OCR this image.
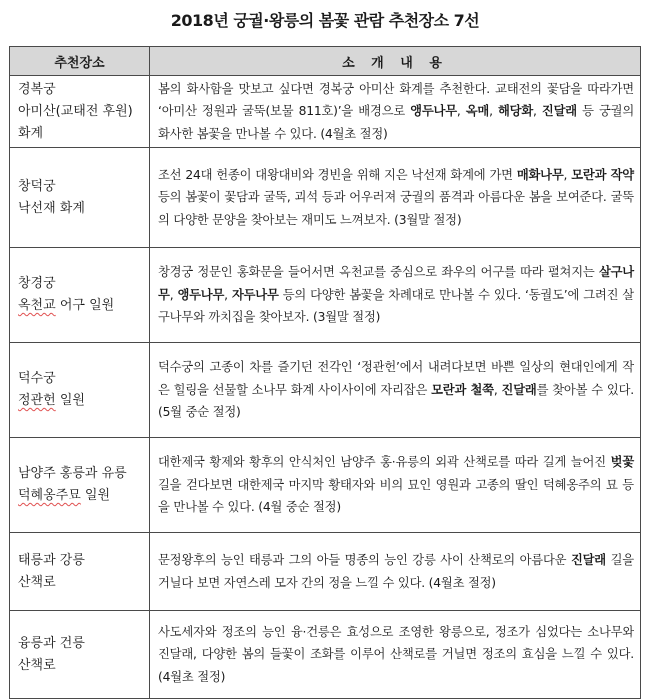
2018년 궁궐·왕릉의 봄꽃 관람 추천장소 7선
추천장소	소 개 내 용

경복궁
아미산(교태전 후원)
화계	봄의 화사함을 맛보고 싶다면 경복궁 아미산 화계를 추천한다. 교태전의 꽃담을 따라가면 ‘아미산 정원과 굴뚝(보물 811호)’을 배경으로 앵두나무, 옥매, 해당화, 진달래 등 궁궐의 화사한 봄꽃을 만나볼 수 있다. (4월초 절정)

창덕궁
낙선재 화계	조선 24대 헌종이 대왕대비와 경빈을 위해 지은 낙선재 화계에 가면 매화나무, 모란과 작약 등의 봄꽃이 꽃담과 굴뚝, 괴석 등과 어우러져 궁궐의 품격과 아름다운 봄을 보여준다. 굴뚝의 다양한 문양을 찾아보는 재미도 느껴보자. (3월말 절정)

창경궁
옥천교 어구 일원	창경궁 정문인 홍화문을 들어서면 옥천교를 중심으로 좌우의 어구를 따라 펼쳐지는 살구나무, 앵두나무, 자두나무 등의 다양한 봄꽃을 차례대로 만나볼 수 있다. ‘동궐도’에 그려진 살구나무와 까치집을 찾아보자. (3월말 절정)

덕수궁
정관헌 일원	덕수궁의 고종이 차를 즐기던 전각인 ‘정관헌’에서 내려다보면 바쁜 일상의 현대인에게 작은 힐링을 선물할 소나무 화계 사이사이에 자리잡은 모란과 철쭉, 진달래를 찾아볼 수 있다. (5월 중순 절정)

남양주 홍릉과 유릉
덕혜옹주묘 일원	대한제국 황제와 황후의 안식처인 남양주 홍·유릉의 외곽 산책로를 따라 길게 늘어진 벚꽃길을 걷다보면 대한제국 마지막 황태자와 비의 묘인 영원과 고종의 딸인 덕혜옹주의 묘 등을 만나볼 수 있다. (4월 중순 절정)

태릉과 강릉
산책로	문정왕후의 능인 태릉과 그의 아들 명종의 능인 강릉 사이 산책로의 아름다운 진달래 길을 거닐다 보면 자연스레 모자 간의 정을 느낄 수 있다. (4월초 절정)

융릉과 건릉
산책로	사도세자와 정조의 능인 융·건릉은 효성으로 조영한 왕릉으로, 정조가 심었다는 소나무와 진달래, 다양한 봄의 들꽃이 조화를 이루어 산책로를 거닐면 정조의 효심을 느낄 수 있다. (4월초 절정)
